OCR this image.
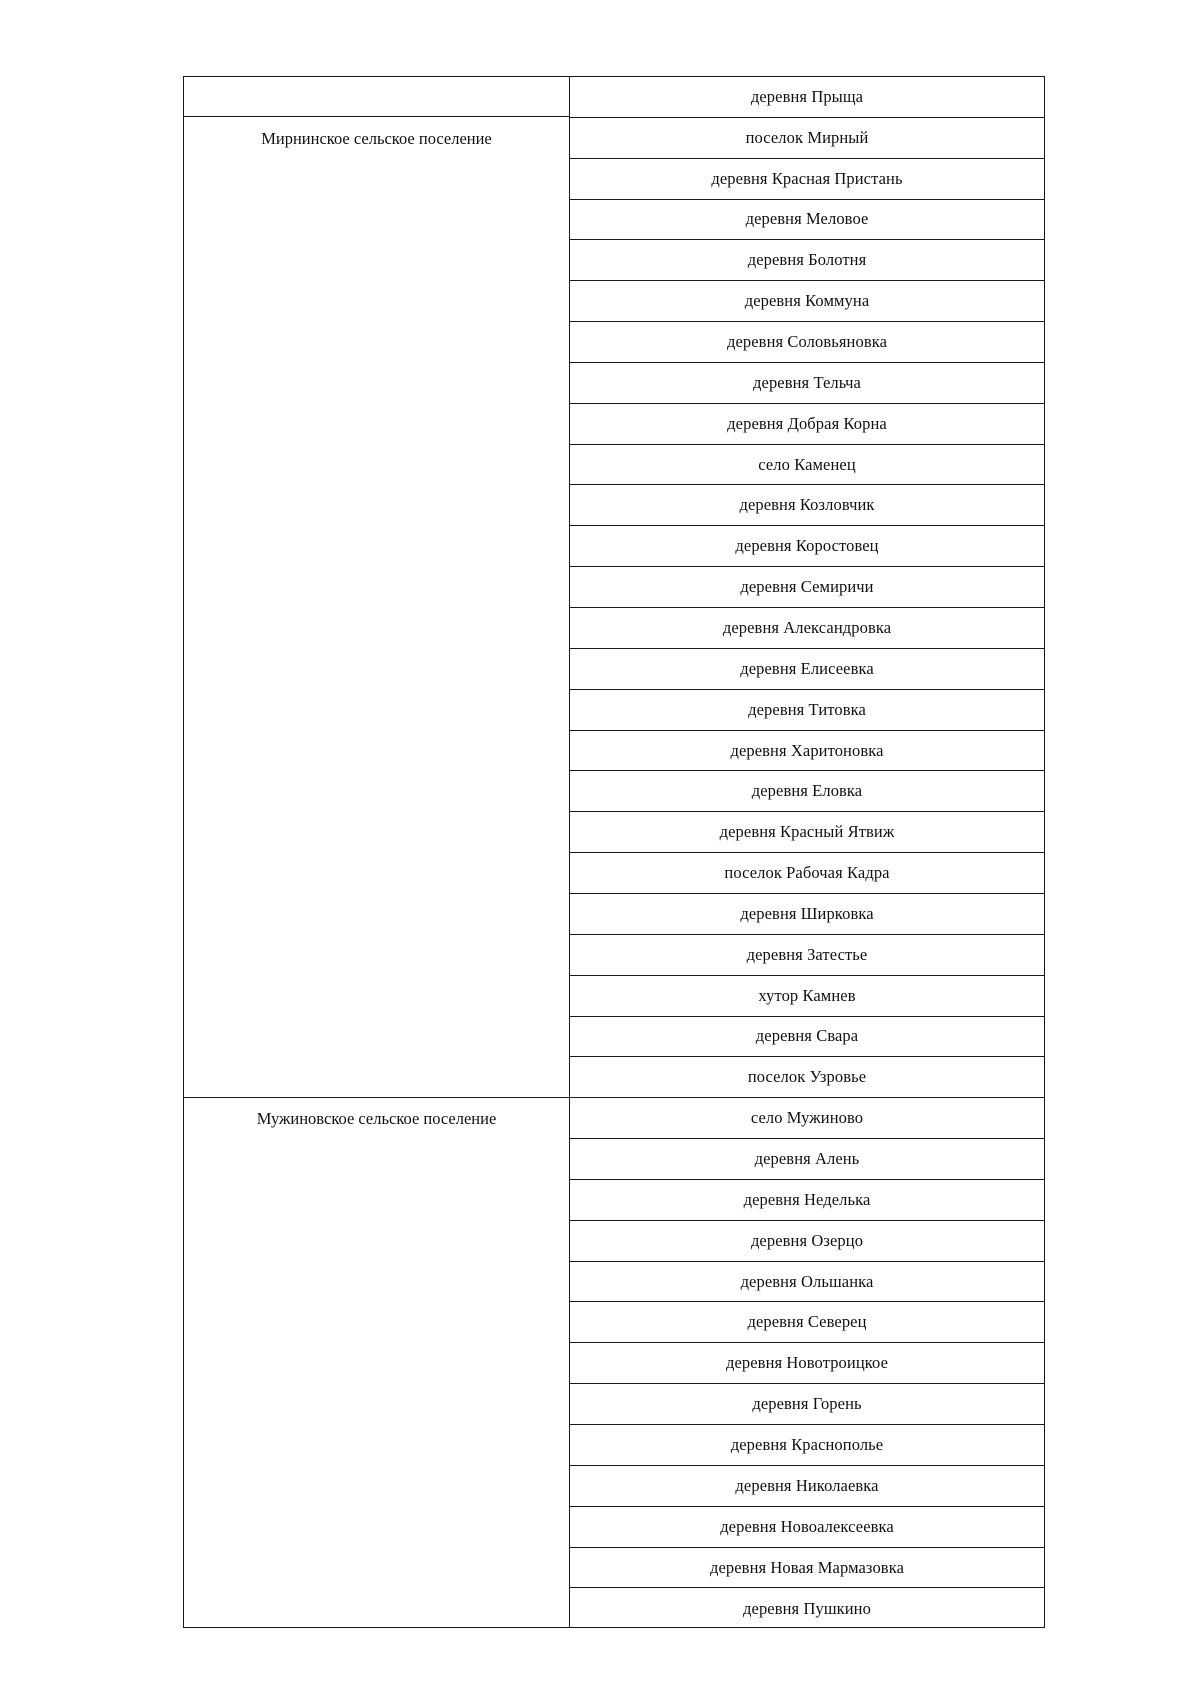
деревня Прыща
поселок Мирный
деревня Красная Пристань
деревня Меловое
деревня Болотня
деревня Коммуна
деревня Соловьяновка
деревня Тельча
деревня Добрая Корна
село Каменец
деревня Козловчик
деревня Коростовец
деревня Семиричи
деревня Александровка
деревня Елисеевка
деревня Титовка
деревня Харитоновка
деревня Еловка
деревня Красный Ятвиж
поселок Рабочая Кадра
деревня Ширковка
деревня Затестье
хутор Камнев
деревня Свара
поселок Узровье
село Мужиново
деревня Алень
деревня Неделька
деревня Озерцо
деревня Ольшанка
деревня Северец
деревня Новотроицкое
деревня Горень
деревня Краснополье
деревня Николаевка
деревня Новоалексеевка
деревня Новая Мармазовка
деревня Пушкино
Мирнинское сельское поселение
Мужиновское сельское поселение
